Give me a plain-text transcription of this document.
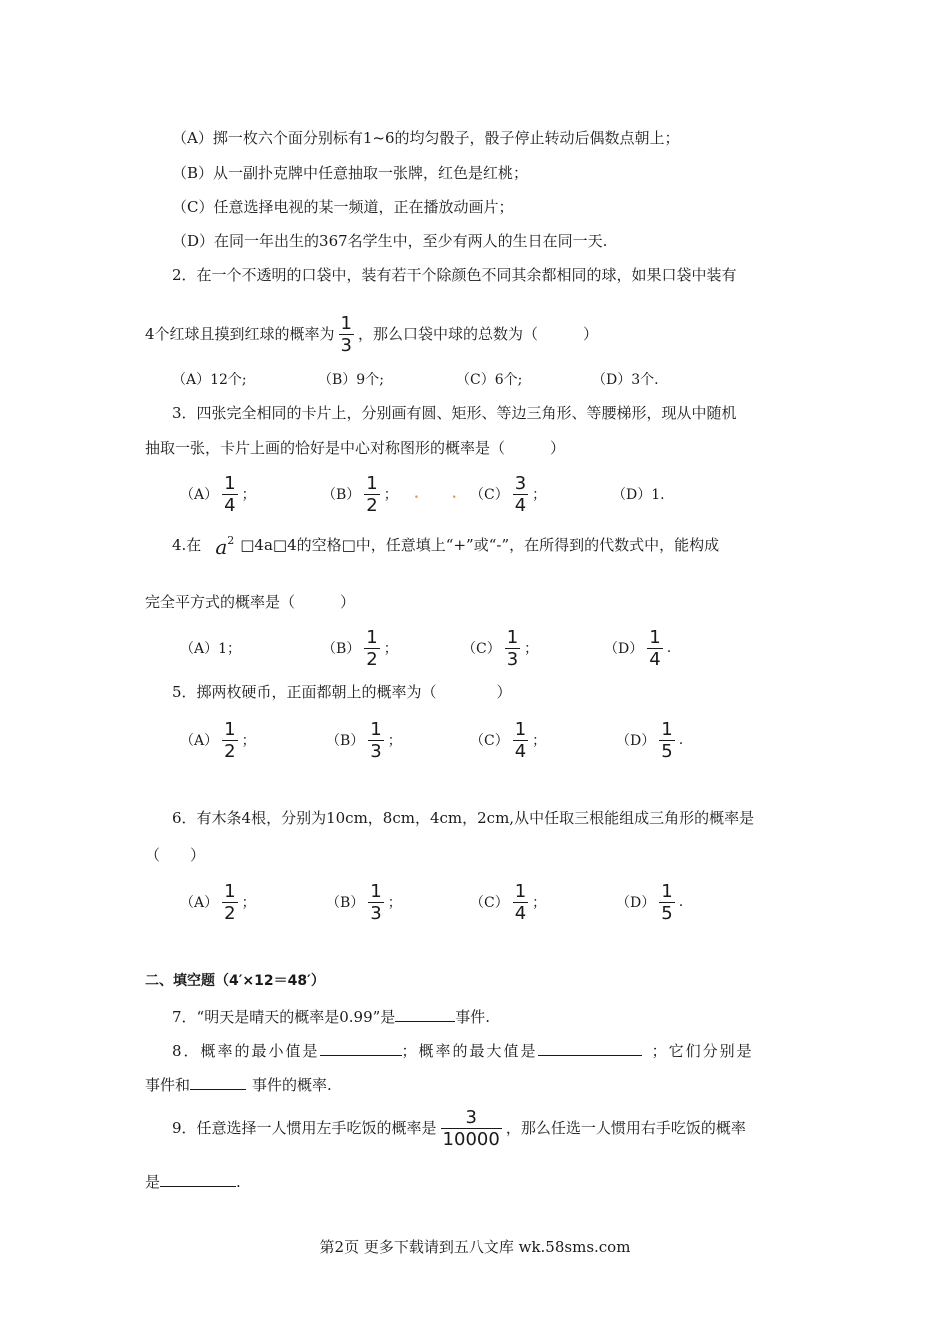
（A）掷一枚六个面分别标有1~6的均匀骰子，骰子停止转动后偶数点朝上；
（B）从一副扑克牌中任意抽取一张牌，红色是红桃；
（C）任意选择电视的某一频道，正在播放动画片；
（D）在同一年出生的367名学生中，至少有两人的生日在同一天.
2．在一个不透明的口袋中，装有若干个除颜色不同其余都相同的球，如果口袋中装有
4个红球且摸到红球的概率为 $\frac{1}{3}$ ，那么口袋中球的总数为（　　　）
（A）12个;	（B）9个;	（C）6个;	（D）3个.
3．四张完全相同的卡片上，分别画有圆、矩形、等边三角形、等腰梯形，现从中随机
抽取一张，卡片上画的恰好是中心对称图形的概率是（　　　）
$(A) \frac{1}{4}$ ；	$(B) \frac{1}{2}$ ； . . $(C) \frac{3}{4}$ ；	（D）1.
4.在 $a^2$ □4a□4的空格□中，任意填上“+”或“-”，在所得到的代数式中，能构成
完全平方式的概率是（　　　）
（A）1；	$(B) \frac{1}{2}$ ；	$(C) \frac{1}{3}$ ；	$(D) \frac{1}{4}$ .
5．掷两枚硬币，正面都朝上的概率为（　　　　）
$(A) \frac{1}{2}$ ；	$(B) \frac{1}{3}$ ；	$(C) \frac{1}{4}$ ；	$(D) \frac{1}{5}$ .
6．有木条4根，分别为10cm，8cm，4cm，2cm,从中任取三根能组成三角形的概率是
（　　）
$(A) \frac{1}{2}$ ；	$(B) \frac{1}{3}$ ；	$(C) \frac{1}{4}$ ；	$(D) \frac{1}{5}$ .
二、填空题（4′×12＝48′）
7．“明天是晴天的概率是0.99”是	事件.
8．概率的最小值是	；概率的最大值是	；它们分别是
事件和	事件的概率.
9．任意选择一人惯用左手吃饭的概率是 $\frac{3}{10000}$ ，那么任选一人惯用右手吃饭的概率
是	.
第2页 更多下载请到五八文库 wk.58sms.com
